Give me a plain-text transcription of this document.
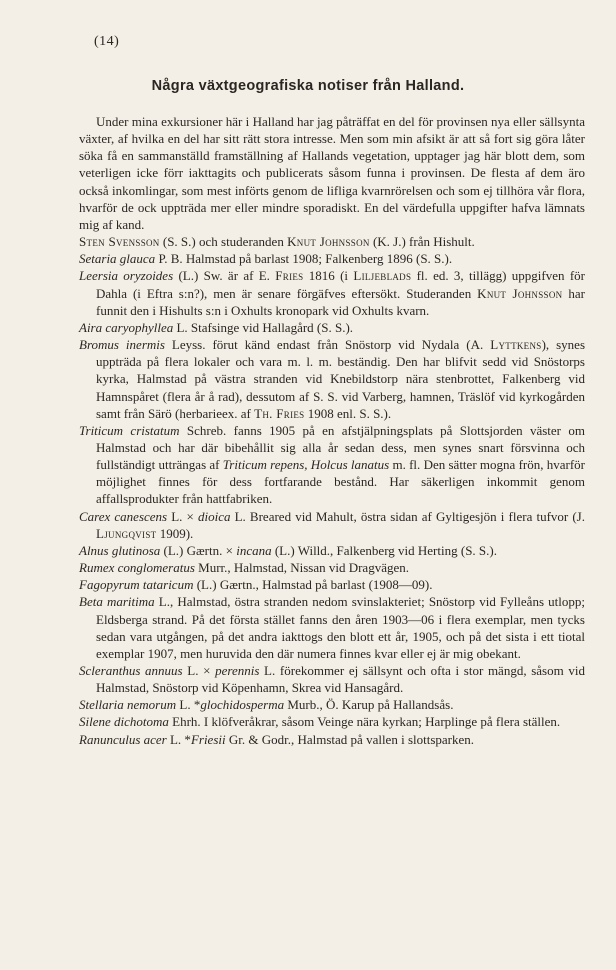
(14)
Några växtgeografiska notiser från Halland.

Under mina exkursioner här i Halland har jag påträffat en del för provinsen nya eller sällsynta växter, af hvilka en del har sitt rätt stora intresse. Men som min afsikt är att så fort sig göra låter söka få en sammanställd framställning af Hallands vegetation, upptager jag här blott dem, som veterligen icke förr iakttagits och publicerats såsom funna i provinsen. De flesta af dem äro också inkomlingar, som mest införts genom de lifliga kvarnrörelsen och som ej tillhöra vår flora, hvarför de ock uppträda mer eller mindre sporadiskt. En del värdefulla uppgifter hafva lämnats mig af kand.
Sten Svensson (S. S.) och studeranden Knut Johnsson (K. J.) från Hishult.

Setaria glauca P. B. Halmstad på barlast 1908; Falkenberg 1896 (S. S.).

Leersia oryzoides (L.) Sw. är af E. Fries 1816 (i Liljeblads fl. ed. 3, tillägg) uppgifven för Dahla (i Eftra s:n?), men är senare förgäfves eftersökt. Studeranden Knut Johnsson har funnit den i Hishults s:n i Oxhults kronopark vid Oxhults kvarn.

Aira caryophyllea L. Stafsinge vid Hallagård (S. S.).

Bromus inermis Leyss. förut känd endast från Snöstorp vid Nydala (A. Lyttkens), synes uppträda på flera lokaler och vara m. l. m. beständig. Den har blifvit sedd vid Snöstorps kyrka, Halmstad på västra stranden vid Knebildstorp nära stenbrottet, Falkenberg vid Hamnspåret (flera år å rad), dessutom af S. S. vid Varberg, hamnen, Träslöf vid kyrkogården samt från Särö (herbarieex. af Th. Fries 1908 enl. S. S.).

Triticum cristatum Schreb. fanns 1905 på en afstjälpningsplats på Slottsjorden väster om Halmstad och har där bibehållit sig alla år sedan dess, men synes snart försvinna och fullständigt utträngas af Triticum repens, Holcus lanatus m. fl. Den sätter mogna frön, hvarför möjlighet finnes för dess fortfarande bestånd. Har säkerligen inkommit genom affallsprodukter från hattfabriken.

Carex canescens L. × dioica L. Breared vid Mahult, östra sidan af Gyltigesjön i flera tufvor (J. Ljungqvist 1909).

Alnus glutinosa (L.) Gærtn. × incana (L.) Willd., Falkenberg vid Herting (S. S.).

Rumex conglomeratus Murr., Halmstad, Nissan vid Dragvägen.

Fagopyrum tataricum (L.) Gærtn., Halmstad på barlast (1908—09).

Beta maritima L., Halmstad, östra stranden nedom svinslakteriet; Snöstorp vid Fylleåns utlopp; Eldsberga strand. På det första stället fanns den åren 1903—06 i flera exemplar, men tycks sedan vara utgången, på det andra iakttogs den blott ett år, 1905, och på det sista i ett tiotal exemplar 1907, men huruvida den där numera finnes kvar eller ej är mig obekant.

Scleranthus annuus L. × perennis L. förekommer ej sällsynt och ofta i stor mängd, såsom vid Halmstad, Snöstorp vid Köpenhamn, Skrea vid Hansagård.

Stellaria nemorum L. *glochidosperma Murb., Ö. Karup på Hallandsås.

Silene dichotoma Ehrh. I klöfveråkrar, såsom Veinge nära kyrkan; Harplinge på flera ställen.

Ranunculus acer L. *Friesii Gr. & Godr., Halmstad på vallen i slottsparken.
